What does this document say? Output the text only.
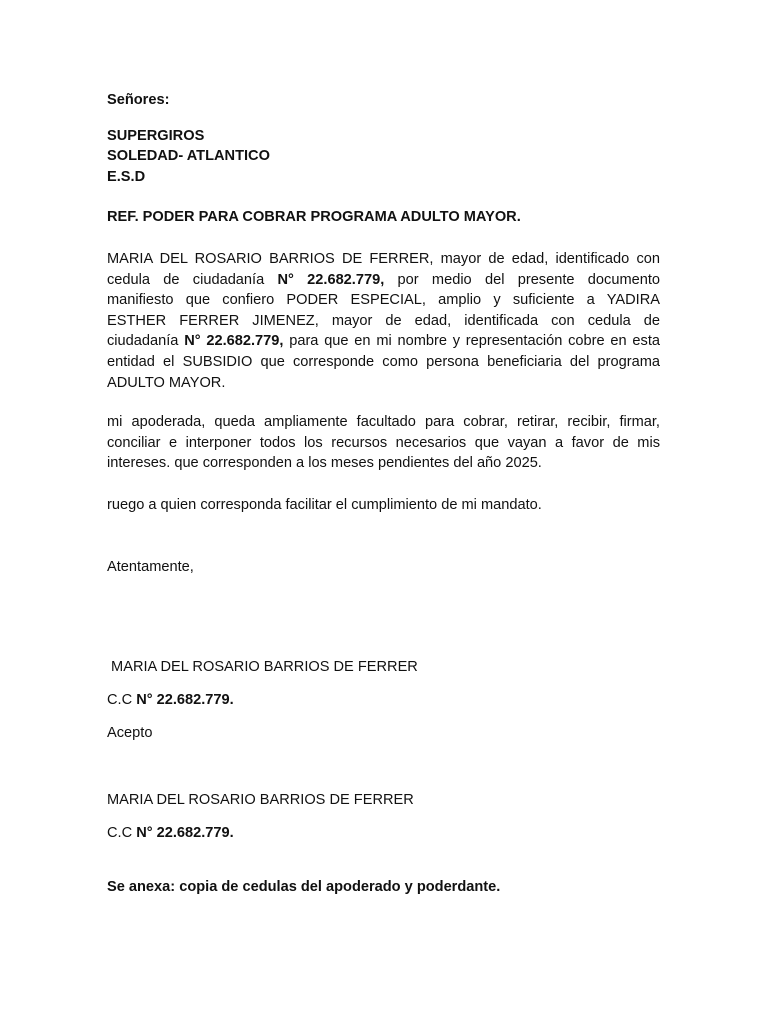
Señores:
SUPERGIROS
SOLEDAD- ATLANTICO
E.S.D
REF. PODER PARA COBRAR PROGRAMA ADULTO MAYOR.
MARIA DEL ROSARIO BARRIOS DE FERRER, mayor de edad, identificado con
cedula de ciudadanía N° 22.682.779, por medio del presente documento
manifiesto que confiero PODER ESPECIAL, amplio y suficiente a YADIRA
ESTHER FERRER JIMENEZ, mayor de edad, identificada con cedula de
ciudadanía N° 22.682.779, para que en mi nombre y representación cobre en esta
entidad el SUBSIDIO que corresponde como persona beneficiaria del programa
ADULTO MAYOR.
mi apoderada, queda ampliamente facultado para cobrar, retirar, recibir, firmar,
conciliar e interponer todos los recursos necesarios que vayan a favor de mis
intereses. que corresponden a los meses pendientes del año 2025.
ruego a quien corresponda facilitar el cumplimiento de mi mandato.
Atentamente,
MARIA DEL ROSARIO BARRIOS DE FERRER
C.C N° 22.682.779.
Acepto
MARIA DEL ROSARIO BARRIOS DE FERRER
C.C N° 22.682.779.
Se anexa: copia de cedulas del apoderado y poderdante.
